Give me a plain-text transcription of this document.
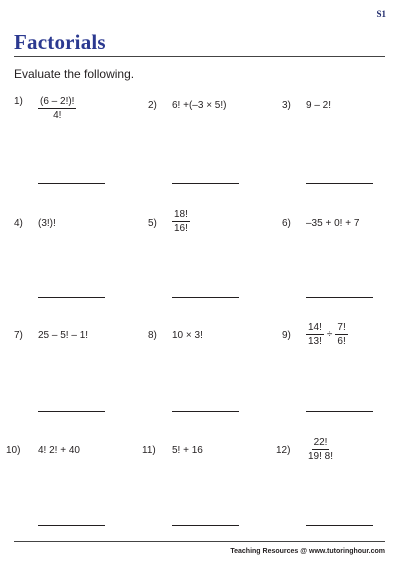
S1
Factorials
Evaluate the following.
$1) \frac{(6 - 2!)!}{4!}$	2) 6! +(–3 × 5!)	3) 9 – 2!
4) (3!)!	$5) \frac{18!}{16!}$	6) –35 + 0! + 7
7) 25 – 5! – 1!	8) 10 × 3!	$9) \frac{14!}{13!} \div \frac{7!}{6!}$
10) 4! 2! + 40	11) 5! + 16	$12) \frac{22!}{19! 8!}$
Teaching Resources @ www.tutoringhour.com
